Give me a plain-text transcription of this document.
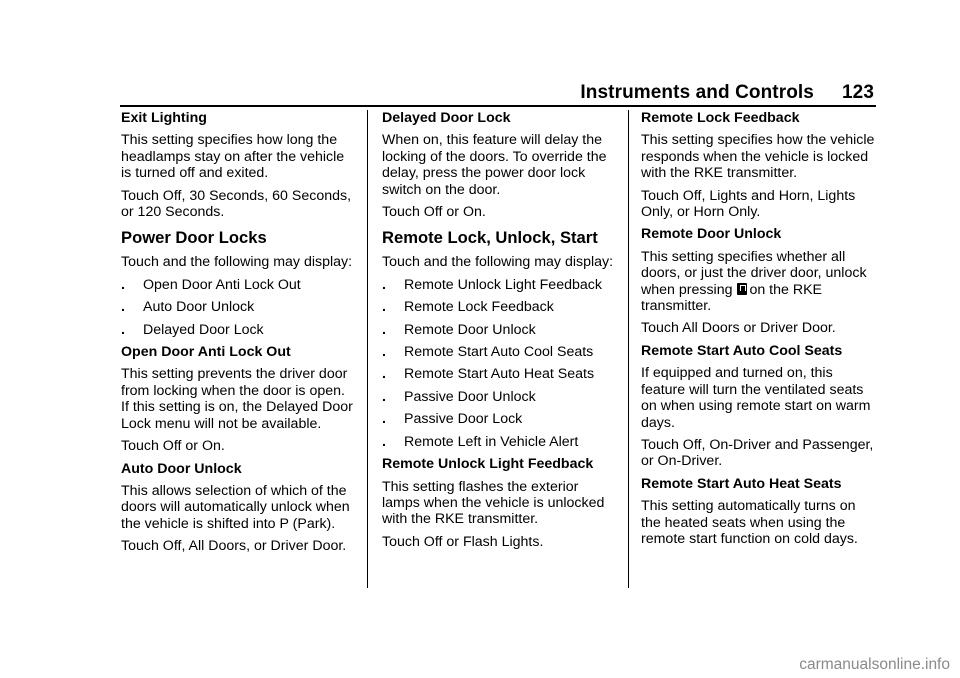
Instruments and Controls 123
Exit Lighting
This setting specifies how long the headlamps stay on after the vehicle is turned off and exited.
Touch Off, 30 Seconds, 60 Seconds, or 120 Seconds.
Power Door Locks
Touch and the following may display:
.	Open Door Anti Lock Out
.	Auto Door Unlock
.	Delayed Door Lock
Open Door Anti Lock Out
This setting prevents the driver door from locking when the door is open. If this setting is on, the Delayed Door Lock menu will not be available.
Touch Off or On.
Auto Door Unlock
This allows selection of which of the doors will automatically unlock when the vehicle is shifted into P (Park).
Touch Off, All Doors, or Driver Door.
Delayed Door Lock
When on, this feature will delay the locking of the doors. To override the delay, press the power door lock switch on the door.
Touch Off or On.
Remote Lock, Unlock, Start
Touch and the following may display:
.	Remote Unlock Light Feedback
.	Remote Lock Feedback
.	Remote Door Unlock
.	Remote Start Auto Cool Seats
.	Remote Start Auto Heat Seats
.	Passive Door Unlock
.	Passive Door Lock
.	Remote Left in Vehicle Alert
Remote Unlock Light Feedback
This setting flashes the exterior lamps when the vehicle is unlocked with the RKE transmitter.
Touch Off or Flash Lights.
Remote Lock Feedback
This setting specifies how the vehicle responds when the vehicle is locked with the RKE transmitter.
Touch Off, Lights and Horn, Lights Only, or Horn Only.
Remote Door Unlock
This setting specifies whether all doors, or just the driver door, unlock when pressing on the RKE transmitter.
Touch All Doors or Driver Door.
Remote Start Auto Cool Seats
If equipped and turned on, this feature will turn the ventilated seats on when using remote start on warm days.
Touch Off, On-Driver and Passenger, or On-Driver.
Remote Start Auto Heat Seats
This setting automatically turns on the heated seats when using the remote start function on cold days.
carmanualsonline.info
